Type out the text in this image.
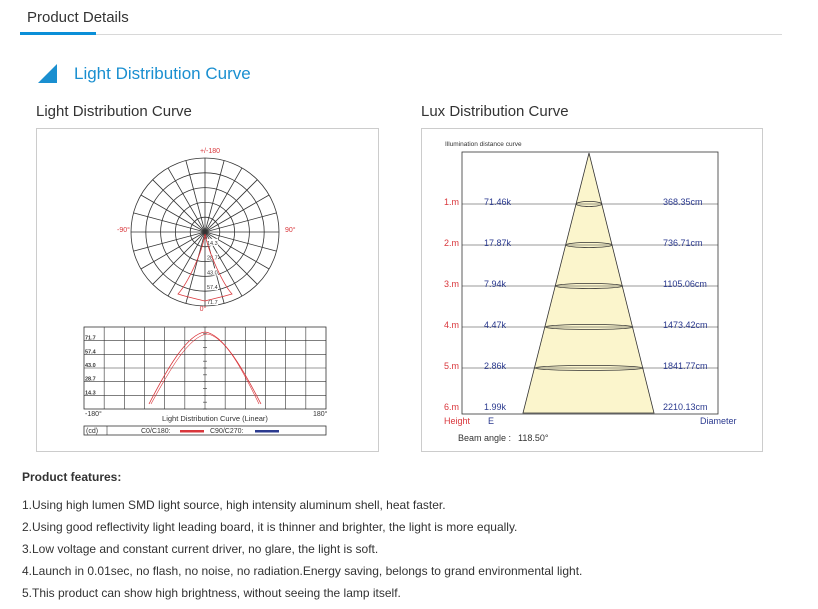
Product Details
Light Distribution Curve
Light Distribution Curve	Lux Distribution Curve
+/-180
-90°	90°
0°
14.3
28.7
43.0
57.4
71.7
71.7
57.4
43.0
28.7
14.3
-180°	180°
Light Distribution Curve (Linear)
(cd)	C0/C180:	C90/C270:
Illumination distance curve
1.m	71.46k	368.35cm
2.m	17.87k	736.71cm
3.m	7.94k	1105.06cm
4.m	4.47k	1473.42cm
5.m	2.86k	1841.77cm
6.m	1.99k	2210.13cm
Height E	Diameter
Beam angle : 118.50°
Product features:
1.Using high lumen SMD light source, high intensity aluminum shell, heat faster.
2.Using good reflectivity light leading board, it is thinner and brighter, the light is more equally.
3.Low voltage and constant current driver, no glare, the light is soft.
4.Launch in 0.01sec, no flash, no noise, no radiation.Energy saving, belongs to grand environmental light.
5.This product can show high brightness, without seeing the lamp itself.
